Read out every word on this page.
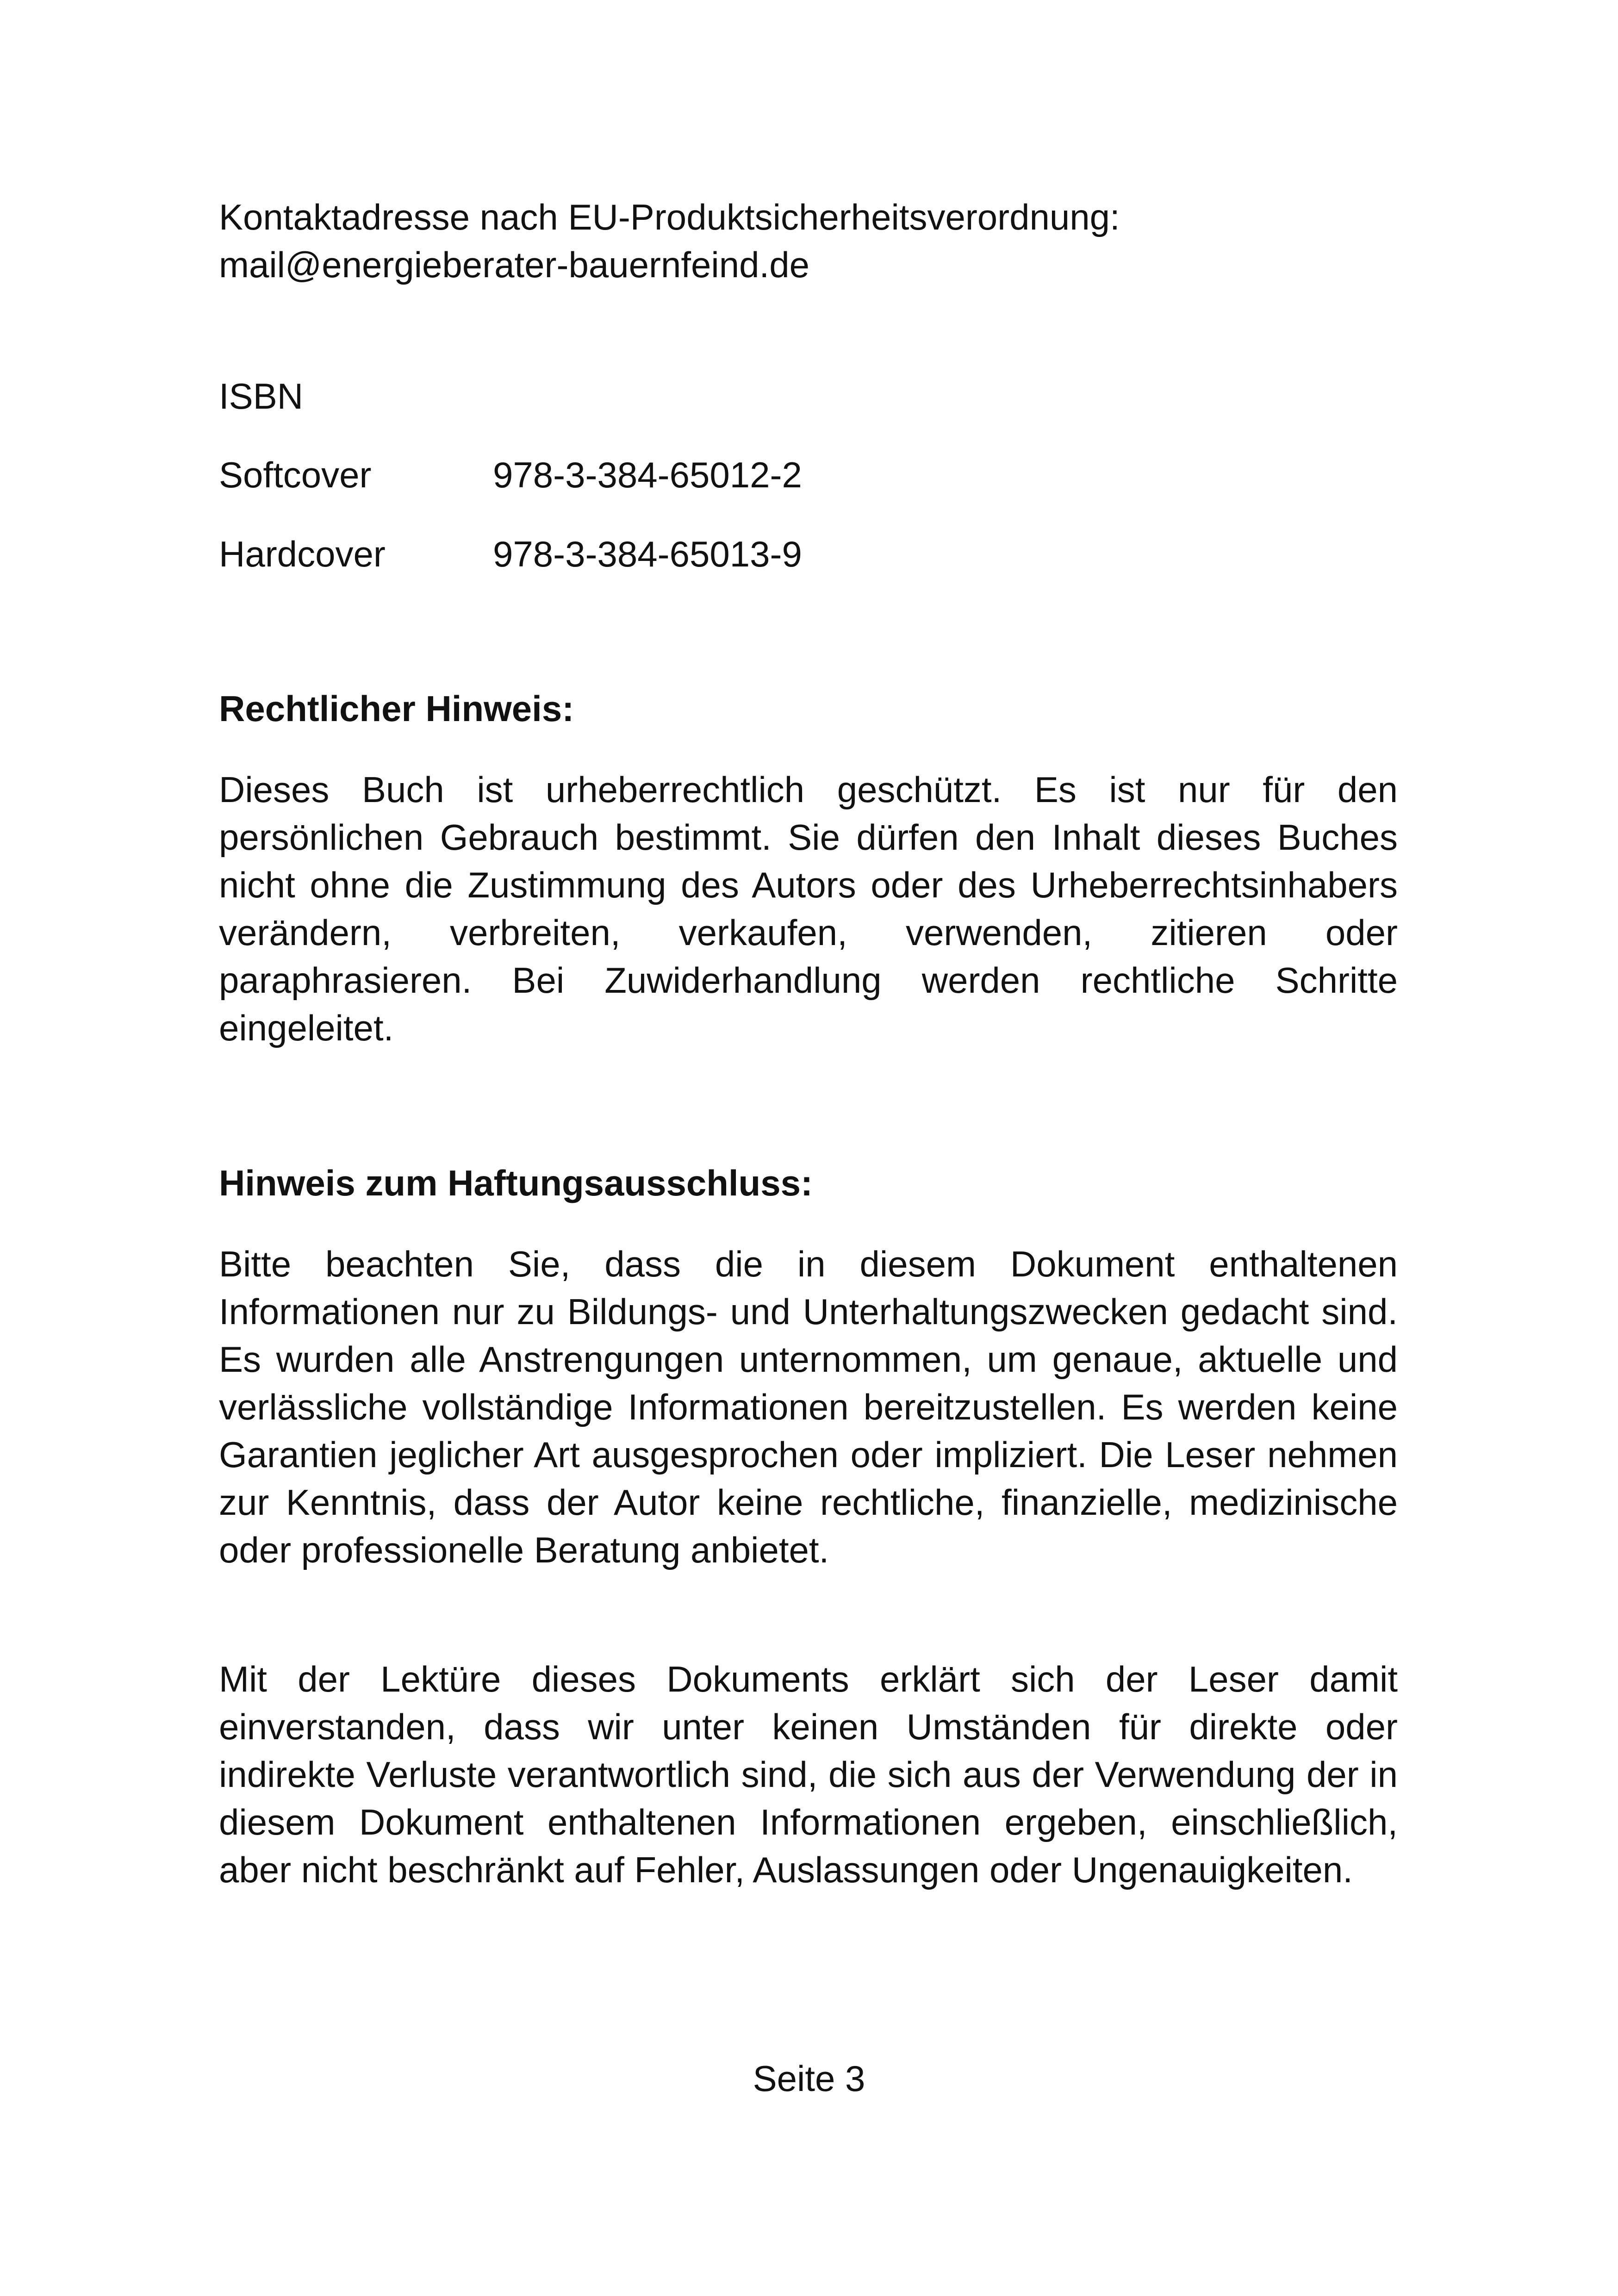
Kontaktadresse nach EU-Produktsicherheitsverordnung:
mail@energieberater-bauernfeind.de
ISBN
Softcover	978-3-384-65012-2
Hardcover	978-3-384-65013-9
Rechtlicher Hinweis:
Dieses Buch ist urheberrechtlich geschützt. Es ist nur für den persönlichen Gebrauch bestimmt. Sie dürfen den Inhalt dieses Buches nicht ohne die Zustimmung des Autors oder des Urheberrechtsinhabers verändern, verbreiten, verkaufen, verwenden, zitieren oder paraphrasieren. Bei Zuwiderhandlung werden rechtliche Schritte eingeleitet.
Hinweis zum Haftungsausschluss:
Bitte beachten Sie, dass die in diesem Dokument enthaltenen Informationen nur zu Bildungs- und Unterhaltungszwecken gedacht sind. Es wurden alle Anstrengungen unternommen, um genaue, aktuelle und verlässliche vollständige Informationen bereitzustellen. Es werden keine Garantien jeglicher Art ausgesprochen oder impliziert. Die Leser nehmen zur Kenntnis, dass der Autor keine rechtliche, finanzielle, medizinische oder professionelle Beratung anbietet.
Mit der Lektüre dieses Dokuments erklärt sich der Leser damit einverstanden, dass wir unter keinen Umständen für direkte oder indirekte Verluste verantwortlich sind, die sich aus der Verwendung der in diesem Dokument enthaltenen Informationen ergeben, einschließlich, aber nicht beschränkt auf Fehler, Auslassungen oder Ungenauigkeiten.
Seite 3
